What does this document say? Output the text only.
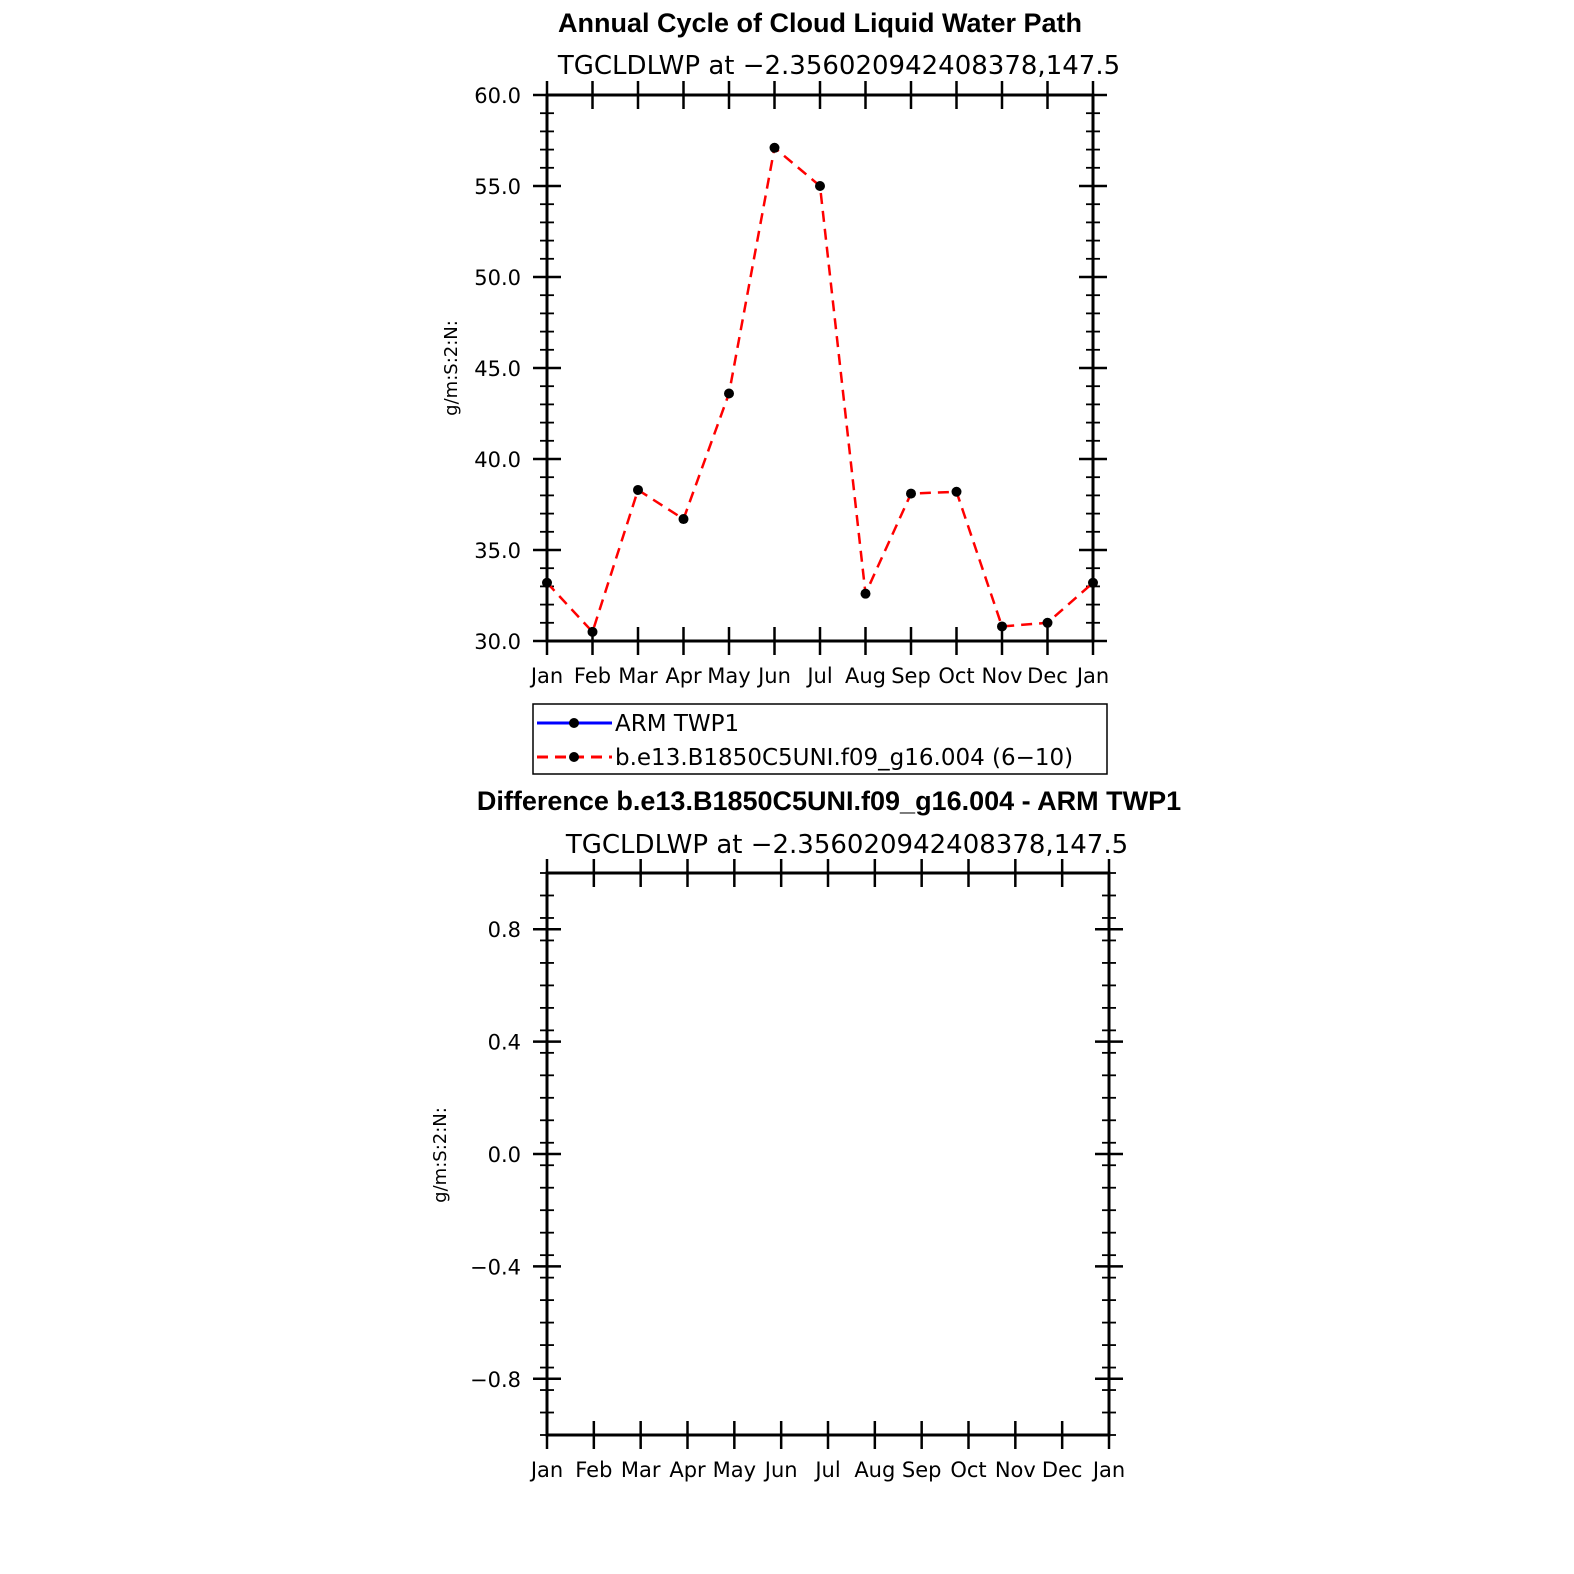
Annual Cycle of Cloud Liquid Water Path
TGCLDLWP at −2.356020942408378,147.5
g/m:S:2:N:
Jan Feb Mar Apr May Jun Jul Aug Sep Oct Nov Dec Jan
30.0
35.0
40.0
45.0
50.0
55.0
60.0
ARM TWP1
b.e13.B1850C5UNI.f09_g16.004 (6−10)
Difference b.e13.B1850C5UNI.f09_g16.004 - ARM TWP1
TGCLDLWP at −2.356020942408378,147.5
g/m:S:2:N:
Jan Feb Mar Apr May Jun Jul Aug Sep Oct Nov Dec Jan
−0.8
−0.4
0.0
0.4
0.8
